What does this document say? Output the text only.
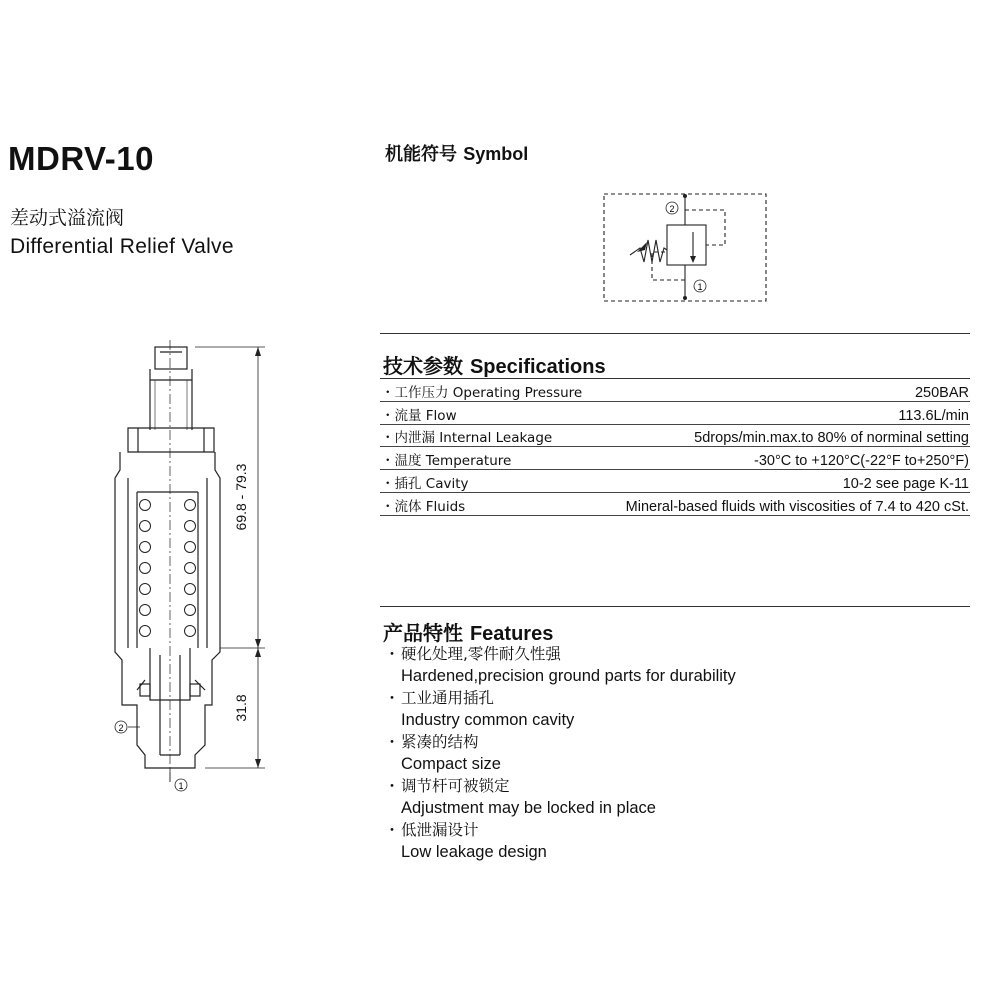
MDRV-10
差动式溢流阀
Differential Relief Valve
69.8 - 79.3
31.8
2
1
机能符号 Symbol
2
1
技术参数 Specifications
・工作压力 Operating Pressure	250BAR
・流量 Flow	113.6L/min
・内泄漏 Internal Leakage	5drops/min.max.to 80% of norminal setting
・温度 Temperature	-30°C to +120°C(-22°F to+250°F)
・插孔 Cavity	10-2 see page K-11
・流体 Fluids	Mineral-based fluids with viscosities of 7.4 to 420 cSt.
产品特性 Features
・硬化处理,零件耐久性强
Hardened,precision ground parts for durability
・工业通用插孔
Industry common cavity
・紧凑的结构
Compact size
・调节杆可被锁定
Adjustment may be locked in place
・低泄漏设计
Low leakage design
